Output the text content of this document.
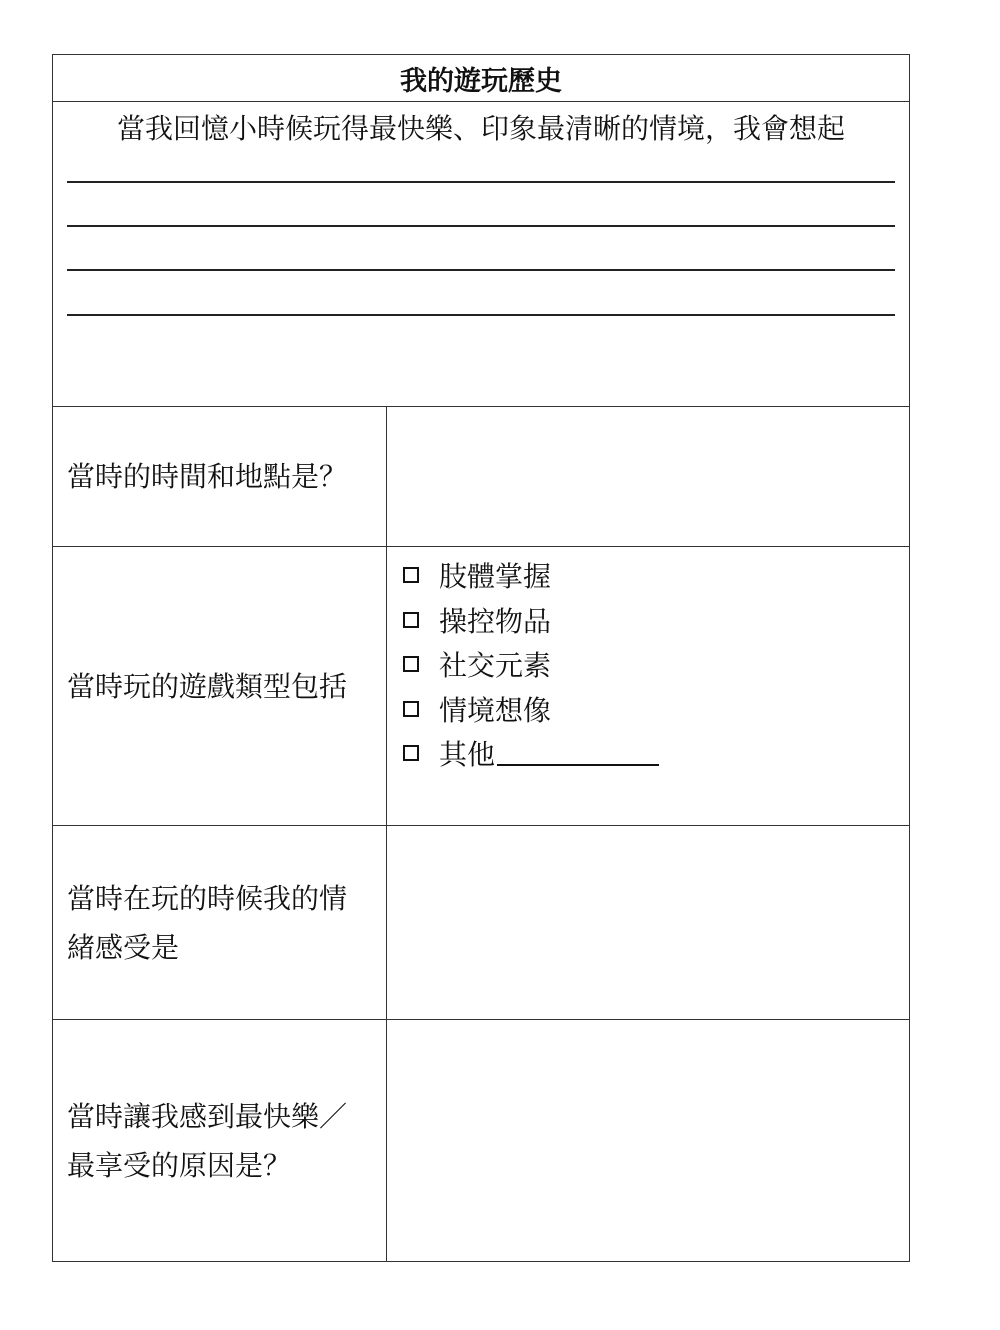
我的遊玩歷史
當我回憶小時候玩得最快樂、印象最清晰的情境，我會想起
當時的時間和地點是？
當時玩的遊戲類型包括
肢體掌握
操控物品
社交元素
情境想像
其他
當時在玩的時候我的情緒感受是
當時讓我感到最快樂／最享受的原因是？
